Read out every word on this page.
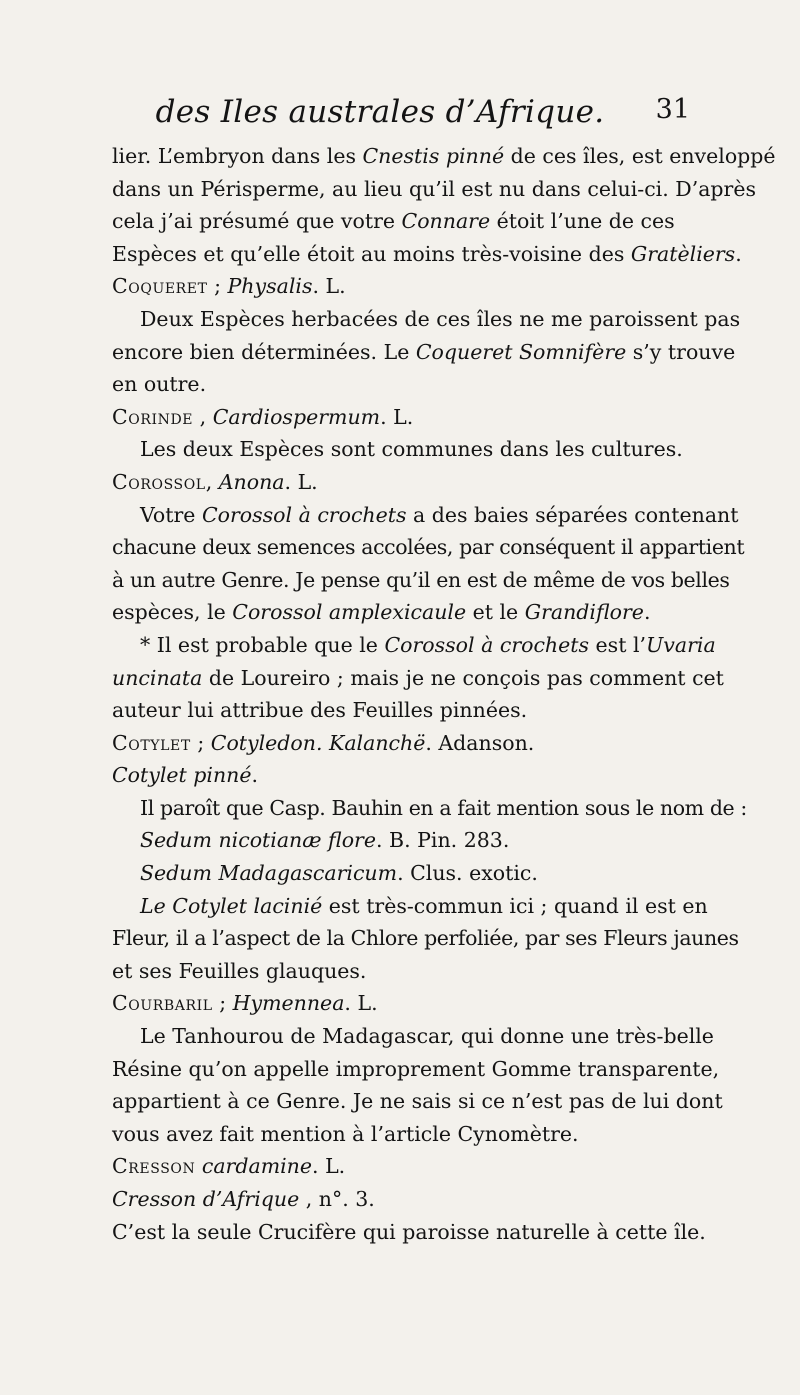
des Iles australes d’Afrique.	31
lier. L’embryon dans les Cnestis pinné de ces îles, est enveloppé
dans un Périsperme, au lieu qu’il est nu dans celui-ci. D’après
cela j’ai présumé que votre Connare étoit l’une de ces
Espèces et qu’elle étoit au moins très-voisine des Gratèliers.
Coqueret ; Physalis. L.
Deux Espèces herbacées de ces îles ne me paroissent pas
encore bien déterminées. Le Coqueret Somnifère s’y trouve
en outre.
Corinde , Cardiospermum. L.
Les deux Espèces sont communes dans les cultures.
Corossol, Anona. L.
Votre Corossol à crochets a des baies séparées contenant
chacune deux semences accolées, par conséquent il appartient
à un autre Genre. Je pense qu’il en est de même de vos belles
espèces, le Corossol amplexicaule et le Grandiflore.
* Il est probable que le Corossol à crochets est l’Uvaria
uncinata de Loureiro ; mais je ne conçois pas comment cet
auteur lui attribue des Feuilles pinnées.
Cotylet ; Cotyledon. Kalanchë. Adanson.
Cotylet pinné.
Il paroît que Casp. Bauhin en a fait mention sous le nom de :
Sedum nicotianæ flore. B. Pin. 283.
Sedum Madagascaricum. Clus. exotic.
Le Cotylet lacinié est très-commun ici ; quand il est en
Fleur, il a l’aspect de la Chlore perfoliée, par ses Fleurs jaunes
et ses Feuilles glauques.
Courbaril ; Hymennea. L.
Le Tanhourou de Madagascar, qui donne une très-belle
Résine qu’on appelle improprement Gomme transparente,
appartient à ce Genre. Je ne sais si ce n’est pas de lui dont
vous avez fait mention à l’article Cynomètre.
Cresson cardamine. L.
Cresson d’Afrique , n°. 3.
C’est la seule Crucifère qui paroisse naturelle à cette île.
